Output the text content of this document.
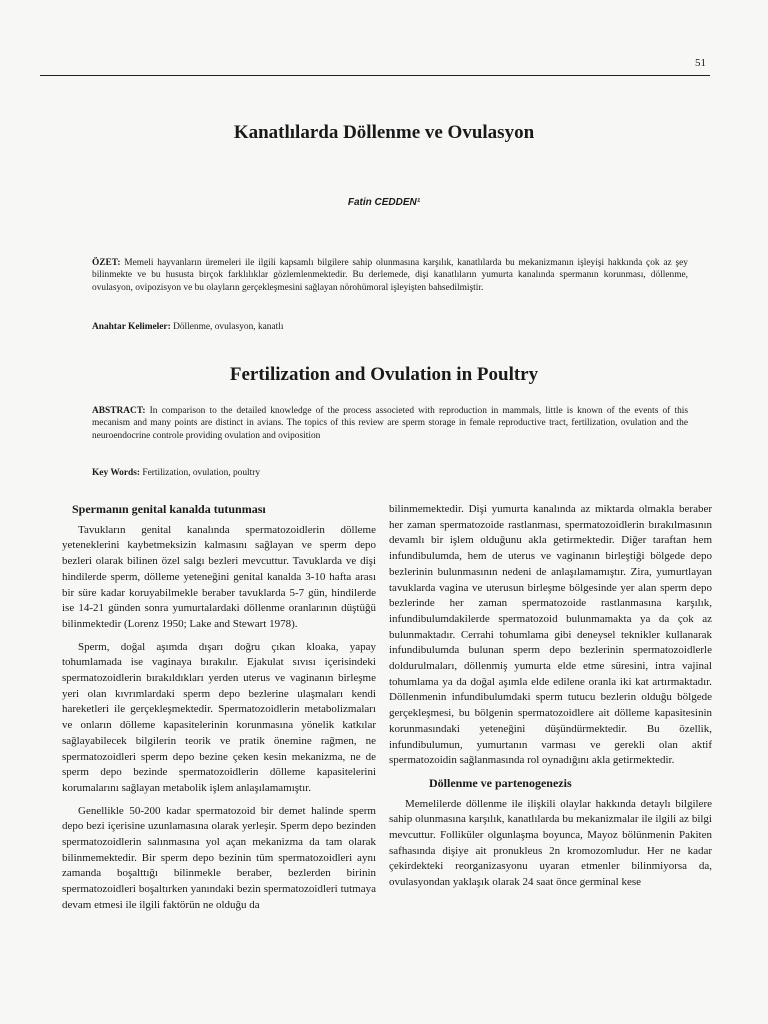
51
Kanatlılarda Döllenme ve Ovulasyon
Fatin CEDDEN¹
ÖZET: Memeli hayvanların üremeleri ile ilgili kapsamlı bilgilere sahip olunmasına karşılık, kanatlılarda bu mekanizmanın işleyişi hakkında çok az şey bilinmekte ve bu hususta birçok farklılıklar gözlemlenmektedir. Bu derlemede, dişi kanatlıların yumurta kanalında spermanın korunması, döllenme, ovulasyon, ovipozisyon ve bu olayların gerçekleşmesini sağlayan nörohümoral işleyişten bahsedilmiştir.
Anahtar Kelimeler: Döllenme, ovulasyon, kanatlı
Fertilization and Ovulation in Poultry
ABSTRACT: In comparison to the detailed knowledge of the process associeted with reproduction in mammals, little is known of the events of this mecanism and many points are distinct in avians. The topics of this review are sperm storage in female reproductive tract, fertilization, ovulation and the neuroendocrine controle providing ovulation and oviposition
Key Words: Fertilization, ovulation, poultry
Spermanın genital kanalda tutunması

Tavukların genital kanalında spermatozoidlerin dölleme yeteneklerini kaybetmeksizin kalmasını sağlayan ve sperm depo bezleri olarak bilinen özel salgı bezleri mevcuttur. Tavuklarda ve dişi hindilerde sperm, dölleme yeteneğini genital kanalda 3-10 hafta arası bir süre kadar koruyabilmekle beraber tavuklarda 5-7 gün, hindilerde ise 14-21 günden sonra yumurtalardaki döllenme oranlarının düştüğü bilinmektedir (Lorenz 1950; Lake and Stewart 1978).

Sperm, doğal aşımda dışarı doğru çıkan kloaka, yapay tohumlamada ise vaginaya bırakılır. Ejakulat sıvısı içerisindeki spermatozoidlerin bırakıldıkları yerden uterus ve vaginanın birleşme yeri olan kıvrımlardaki sperm depo bezlerine ulaşmaları kendi hareketleri ile gerçekleşmektedir. Spermatozoidlerin metabolizmaları ve onların dölleme kapasitelerinin korunmasına yönelik katkılar sağlayabilecek bilgilerin teorik ve pratik önemine rağmen, ne spermatozoidleri sperm depo bezine çeken kesin mekanizma, ne de sperm depo bezinde spermatozoidlerin dölleme kapasitelerini korumalarını sağlayan metabolik işlem anlaşılamamıştır.

Genellikle 50-200 kadar spermatozoid bir demet halinde sperm depo bezi içerisine uzunlamasına olarak yerleşir. Sperm depo bezinden spermatozoidlerin salınmasına yol açan mekanizma da tam olarak bilinmemektedir. Bir sperm depo bezinin tüm spermatozoidleri aynı zamanda boşalttığı bilinmekle beraber, bezlerden birinin spermatozoidleri boşaltırken yanındaki bezin spermatozoidleri tutmaya devam etmesi ile ilgili faktörün ne olduğu da

bilinmemektedir. Dişi yumurta kanalında az miktarda olmakla beraber her zaman spermatozoide rastlanması, spermatozoidlerin bırakılmasının devamlı bir işlem olduğunu akla getirmektedir. Diğer taraftan hem infundibulumda, hem de uterus ve vaginanın birleştiği bölgede depo bezlerinin bulunmasının nedeni de anlaşılamamıştır. Zira, yumurtlayan tavuklarda vagina ve uterusun birleşme bölgesinde yer alan sperm depo bezlerinde her zaman spermatozoide rastlanmasına karşılık, infundibulumdakilerde spermatozoid bulunmamakta ya da çok az bulunmaktadır. Cerrahi tohumlama gibi deneysel teknikler kullanarak infundibulumda bulunan sperm depo bezlerinin spermatozoidlerle doldurulmaları, döllenmiş yumurta elde etme süresini, intra vajinal tohumlama ya da doğal aşımla elde edilene oranla iki kat artırmaktadır. Döllenmenin infundibulumdaki sperm tutucu bezlerin olduğu bölgede gerçekleşmesi, bu bölgenin spermatozoidlere ait dölleme kapasitesinin korunmasındaki yeteneğini düşündürmektedir. Bu özellik, infundibulumun, yumurtanın varması ve gerekli olan aktif spermatozoidin sağlanmasında rol oynadığını akla getirmektedir.

Döllenme ve partenogenezis

Memelilerde döllenme ile ilişkili olaylar hakkında detaylı bilgilere sahip olunmasına karşılık, kanatlılarda bu mekanizmalar ile ilgili az bilgi mevcuttur. Folliküler olgunlaşma boyunca, Mayoz bölünmenin Pakiten safhasında dişiye ait pronukleus 2n kromozomludur. Her ne kadar çekirdekteki reorganizasyonu uyaran etmenler bilinmiyorsa da, ovulasyondan yaklaşık olarak 24 saat önce germinal kese
